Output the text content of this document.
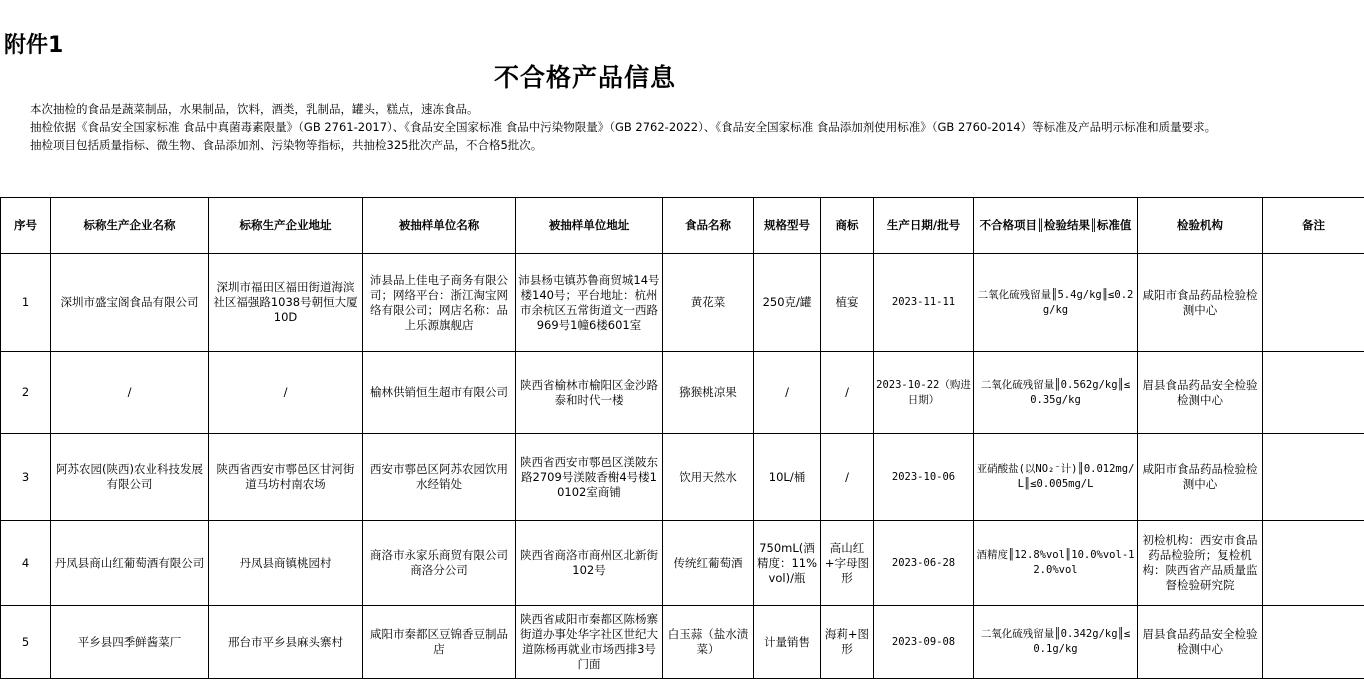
附件1
不合格产品信息

本次抽检的食品是蔬菜制品，水果制品，饮料，酒类，乳制品，罐头，糕点，速冻食品。

抽检依据《食品安全国家标准 食品中真菌毒素限量》（GB 2761-2017）、《食品安全国家标准 食品中污染物限量》（GB 2762-2022）、《食品安全国家标准 食品添加剂使用标准》（GB 2760-2014）等标准及产品明示标准和质量要求。

抽检项目包括质量指标、微生物、食品添加剂、污染物等指标，共抽检325批次产品，不合格5批次。

序号	标称生产企业名称	标称生产企业地址	被抽样单位名称	被抽样单位地址	食品名称	规格型号	商标	生产日期/批号	不合格项目║检验结果║标准值	检验机构	备注
1	深圳市盛宝阁食品有限公司	深圳市福田区福田街道海滨社区福强路1038号朝恒大厦10D	沛县品上佳电子商务有限公司；网络平台：浙江淘宝网络有限公司；网店名称：品上乐源旗舰店	沛县杨屯镇苏鲁商贸城14号楼140号；平台地址：杭州市余杭区五常街道文一西路969号1幢6楼601室	黄花菜	250克/罐	植宴	2023-11-11	二氧化硫残留量║5.4g/kg║≤0.2g/kg	咸阳市食品药品检验检测中心	
2	/	/	榆林供销恒生超市有限公司	陕西省榆林市榆阳区金沙路泰和时代一楼	猕猴桃凉果	/	/	2023-10-22（购进日期）	二氧化硫残留量║0.562g/kg║≤0.35g/kg	眉县食品药品安全检验检测中心	
3	阿苏农园(陕西)农业科技发展有限公司	陕西省西安市鄠邑区甘河街道马坊村南农场	西安市鄠邑区阿苏农园饮用水经销处	陕西省西安市鄠邑区渼陂东路2709号渼陂香榭4号楼10102室商铺	饮用天然水	10L/桶	/	2023-10-06	亚硝酸盐(以NO₂⁻计)║0.012mg/L║≤0.005mg/L	咸阳市食品药品检验检测中心	
4	丹凤县商山红葡萄酒有限公司	丹凤县商镇桃园村	商洛市永家乐商贸有限公司商洛分公司	陕西省商洛市商州区北新街102号	传统红葡萄酒	750mL(酒精度：11%vol)/瓶	高山红+字母图形	2023-06-28	酒精度║12.8%vol║10.0%vol-12.0%vol	初检机构：西安市食品药品检验所；复检机构：陕西省产品质量监督检验研究院	
5	平乡县四季鲜酱菜厂	邢台市平乡县麻头寨村	咸阳市秦都区豆锦香豆制品店	陕西省咸阳市秦都区陈杨寨街道办事处华字社区世纪大道陈杨再就业市场西排3号门面	白玉蒜（盐水渍菜）	计量销售	海莉+图形	2023-09-08	二氧化硫残留量║0.342g/kg║≤0.1g/kg	眉县食品药品安全检验检测中心	
